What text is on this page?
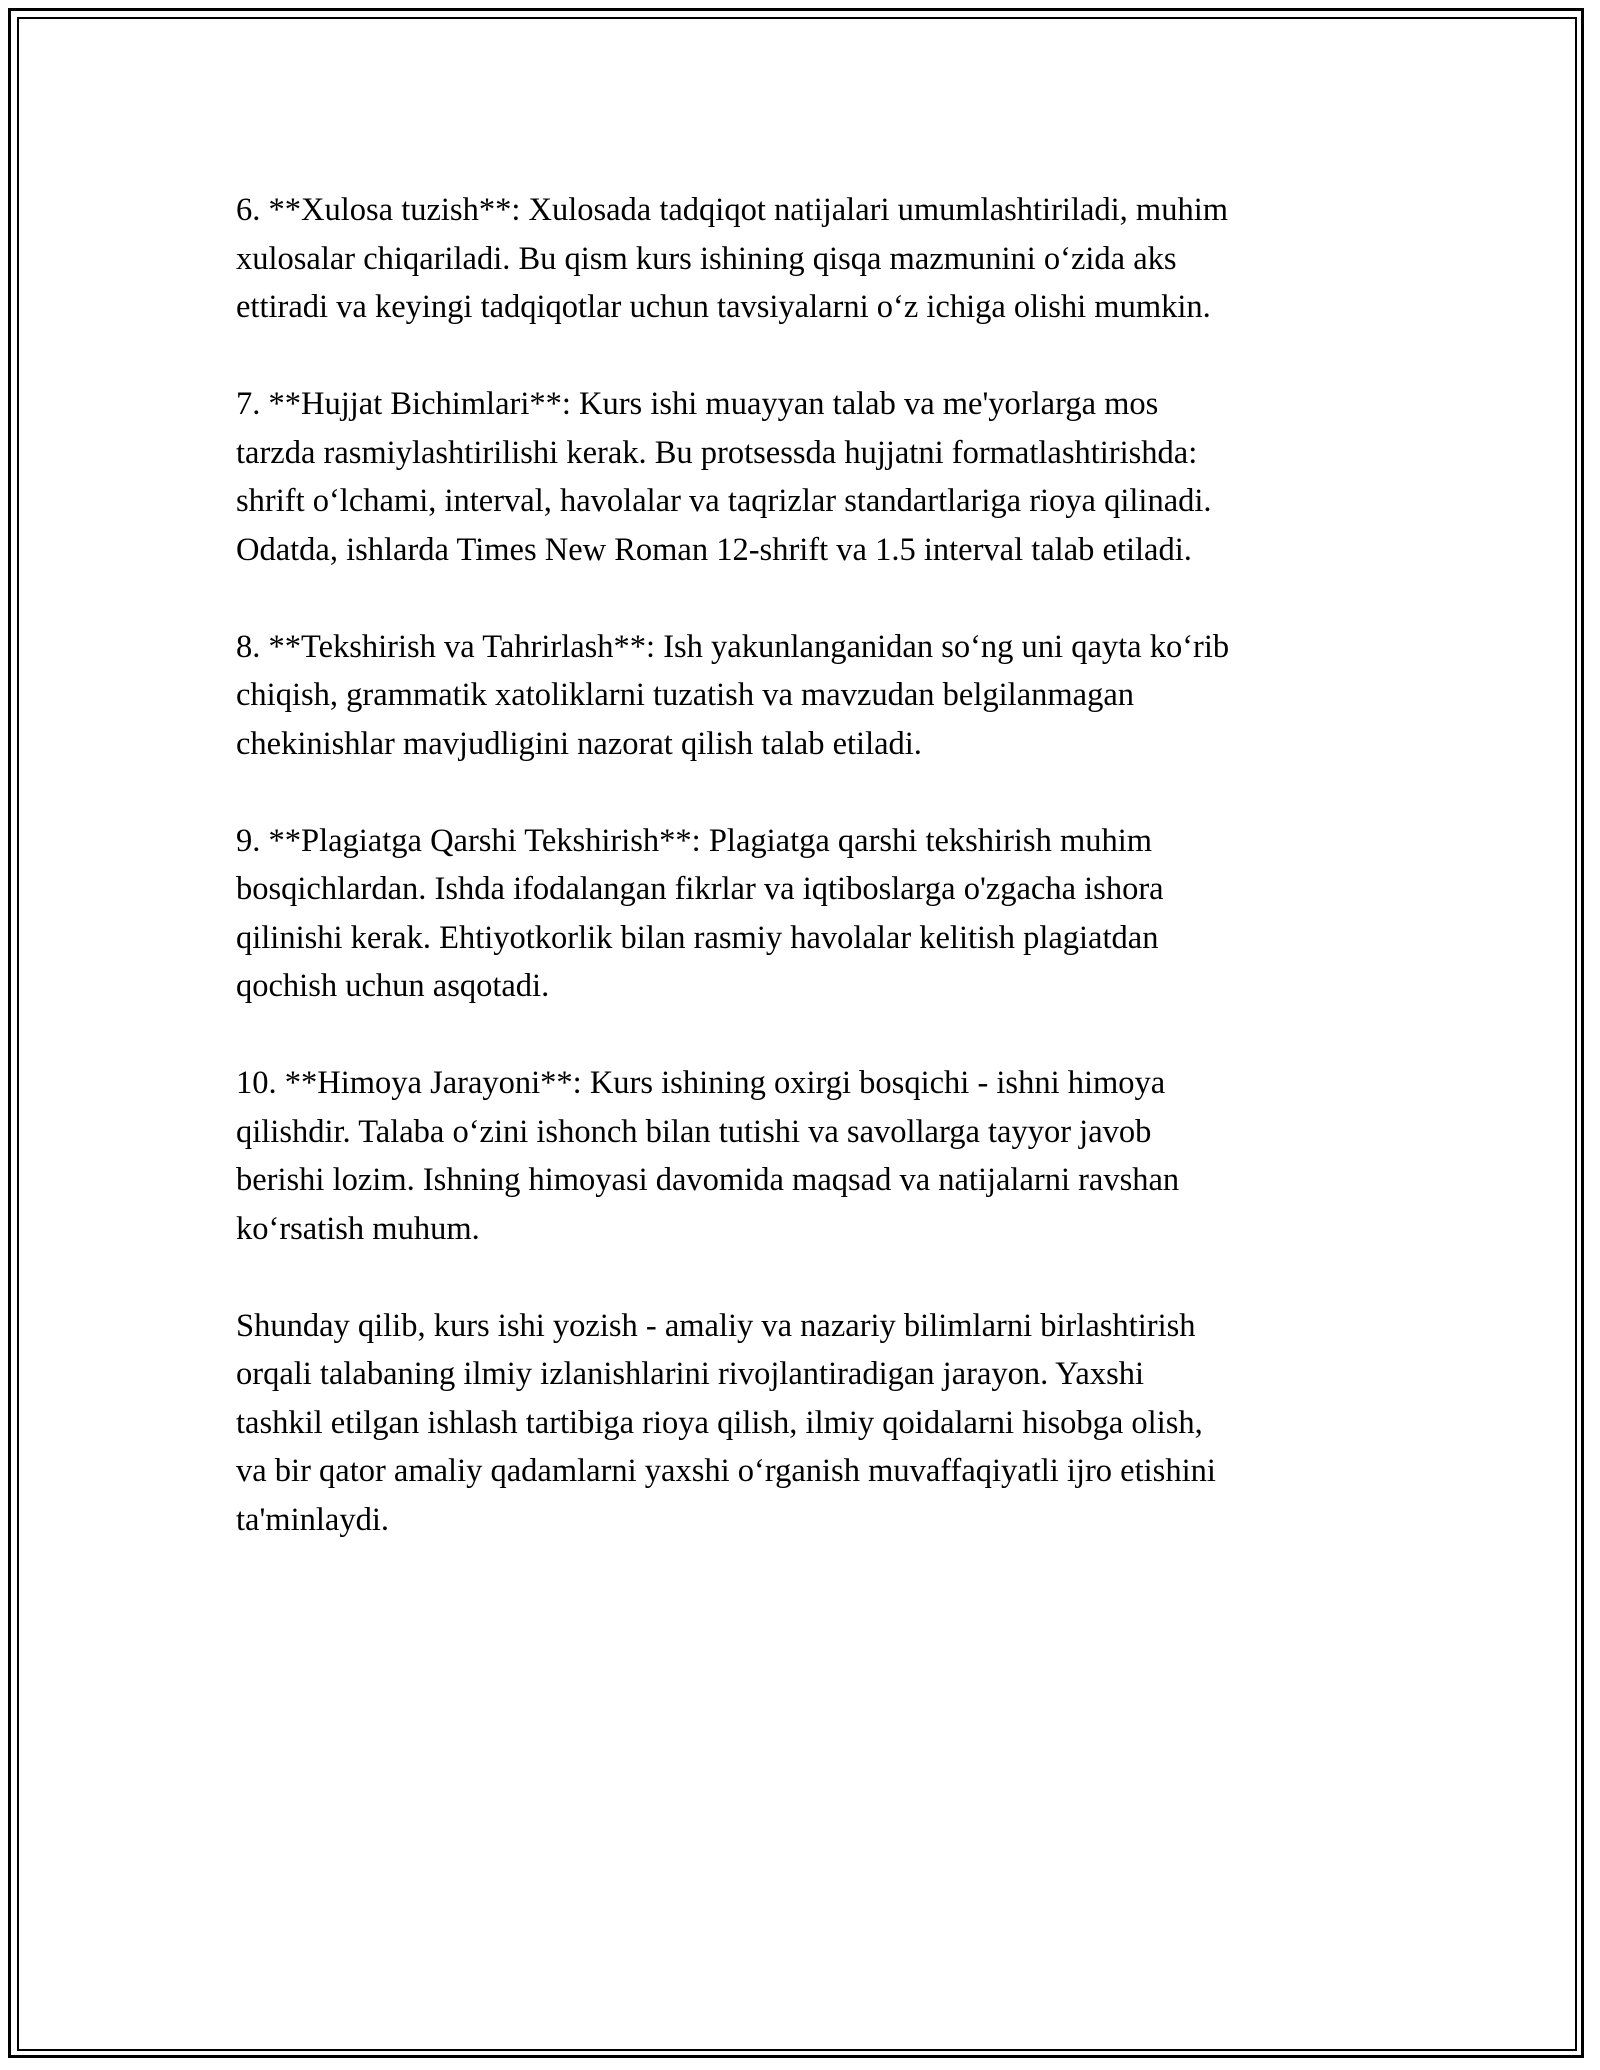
6. **Xulosa tuzish**: Xulosada tadqiqot natijalari umumlashtiriladi, muhim
xulosalar chiqariladi. Bu qism kurs ishining qisqa mazmunini oʻzida aks
ettiradi va keyingi tadqiqotlar uchun tavsiyalarni oʻz ichiga olishi mumkin.

7. **Hujjat Bichimlari**: Kurs ishi muayyan talab va me'yorlarga mos
tarzda rasmiylashtirilishi kerak. Bu protsessda hujjatni formatlashtirishda:
shrift oʻlchami, interval, havolalar va taqrizlar standartlariga rioya qilinadi.
Odatda, ishlarda Times New Roman 12-shrift va 1.5 interval talab etiladi.

8. **Tekshirish va Tahrirlash**: Ish yakunlanganidan soʻng uni qayta koʻrib
chiqish, grammatik xatoliklarni tuzatish va mavzudan belgilanmagan
chekinishlar mavjudligini nazorat qilish talab etiladi.

9. **Plagiatga Qarshi Tekshirish**: Plagiatga qarshi tekshirish muhim
bosqichlardan. Ishda ifodalangan fikrlar va iqtiboslarga o'zgacha ishora
qilinishi kerak. Ehtiyotkorlik bilan rasmiy havolalar kelitish plagiatdan
qochish uchun asqotadi.

10. **Himoya Jarayoni**: Kurs ishining oxirgi bosqichi - ishni himoya
qilishdir. Talaba oʻzini ishonch bilan tutishi va savollarga tayyor javob
berishi lozim. Ishning himoyasi davomida maqsad va natijalarni ravshan
koʻrsatish muhum.

Shunday qilib, kurs ishi yozish - amaliy va nazariy bilimlarni birlashtirish
orqali talabaning ilmiy izlanishlarini rivojlantiradigan jarayon. Yaxshi
tashkil etilgan ishlash tartibiga rioya qilish, ilmiy qoidalarni hisobga olish,
va bir qator amaliy qadamlarni yaxshi oʻrganish muvaffaqiyatli ijro etishini
ta'minlaydi.
